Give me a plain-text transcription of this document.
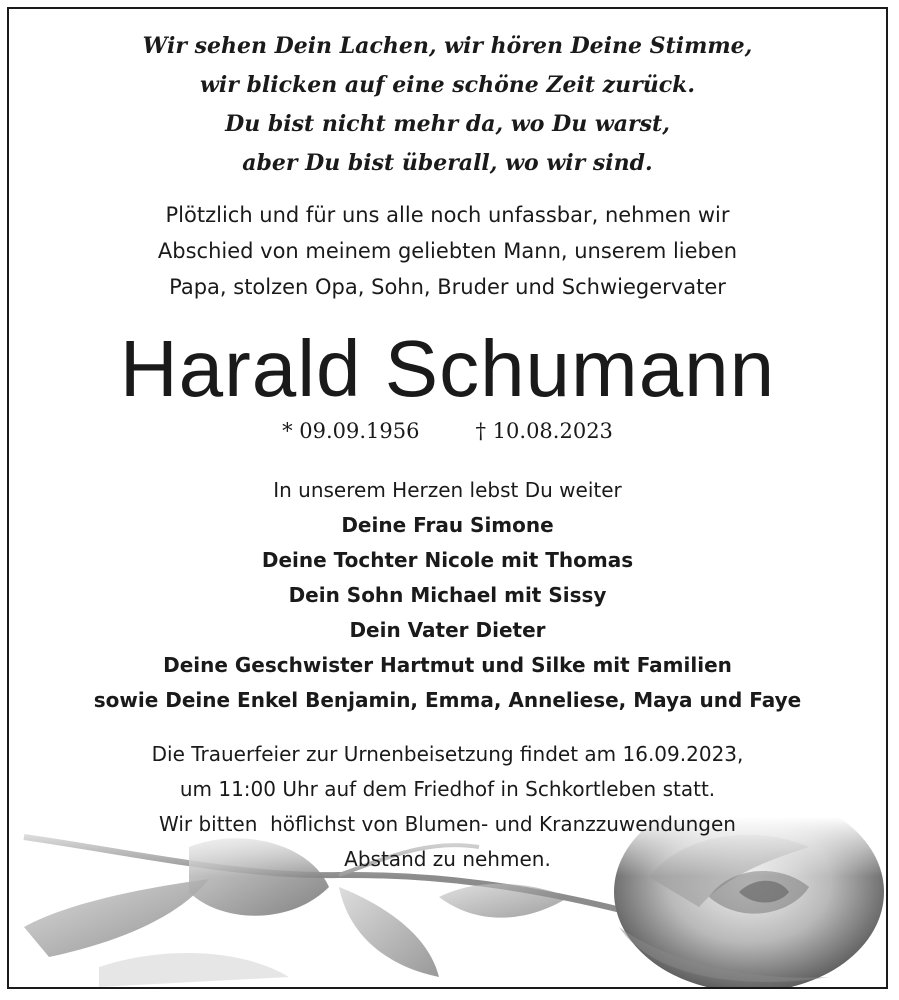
Wir sehen Dein Lachen, wir hören Deine Stimme,
wir blicken auf eine schöne Zeit zurück.
Du bist nicht mehr da, wo Du warst,
aber Du bist überall, wo wir sind.
Plötzlich und für uns alle noch unfassbar, nehmen wir
Abschied von meinem geliebten Mann, unserem lieben
Papa, stolzen Opa, Sohn, Bruder und Schwiegervater
Harald Schumann
* 09.09.1956	† 10.08.2023
In unserem Herzen lebst Du weiter
Deine Frau Simone
Deine Tochter Nicole mit Thomas
Dein Sohn Michael mit Sissy
Dein Vater Dieter
Deine Geschwister Hartmut und Silke mit Familien
sowie Deine Enkel Benjamin, Emma, Anneliese, Maya und Faye
Die Trauerfeier zur Urnenbeisetzung findet am 16.09.2023,
um 11:00 Uhr auf dem Friedhof in Schkortleben statt.
Wir bitten  höflichst von Blumen- und Kranzzuwendungen
Abstand zu nehmen.
